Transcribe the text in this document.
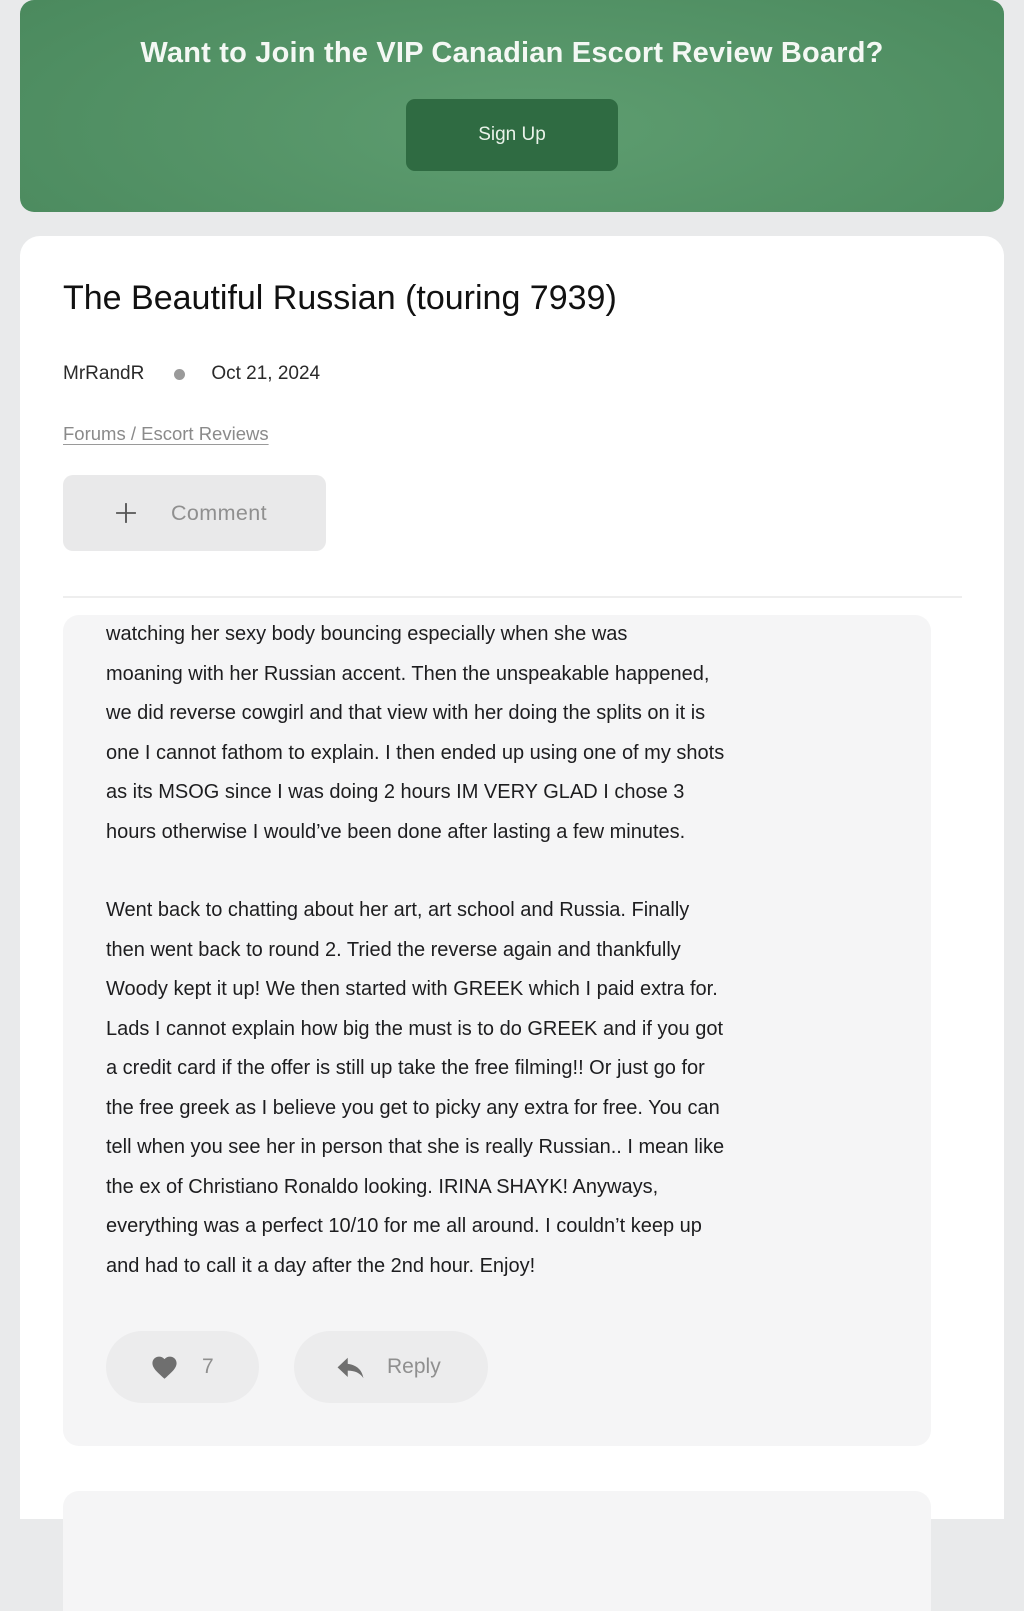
Want to Join the VIP Canadian Escort Review Board?
Sign Up
The Beautiful Russian (touring 7939)
MrRandR	Oct 21, 2024
Forums / Escort Reviews
Comment
watching her sexy body bouncing especially when she was
moaning with her Russian accent. Then the unspeakable happened,
we did reverse cowgirl and that view with her doing the splits on it is
one I cannot fathom to explain. I then ended up using one of my shots
as its MSOG since I was doing 2 hours IM VERY GLAD I chose 3
hours otherwise I would’ve been done after lasting a few minutes.
Went back to chatting about her art, art school and Russia. Finally
then went back to round 2. Tried the reverse again and thankfully
Woody kept it up! We then started with GREEK which I paid extra for.
Lads I cannot explain how big the must is to do GREEK and if you got
a credit card if the offer is still up take the free filming!! Or just go for
the free greek as I believe you get to picky any extra for free. You can
tell when you see her in person that she is really Russian.. I mean like
the ex of Christiano Ronaldo looking. IRINA SHAYK! Anyways,
everything was a perfect 10/10 for me all around. I couldn’t keep up
and had to call it a day after the 2nd hour. Enjoy!
7	Reply
